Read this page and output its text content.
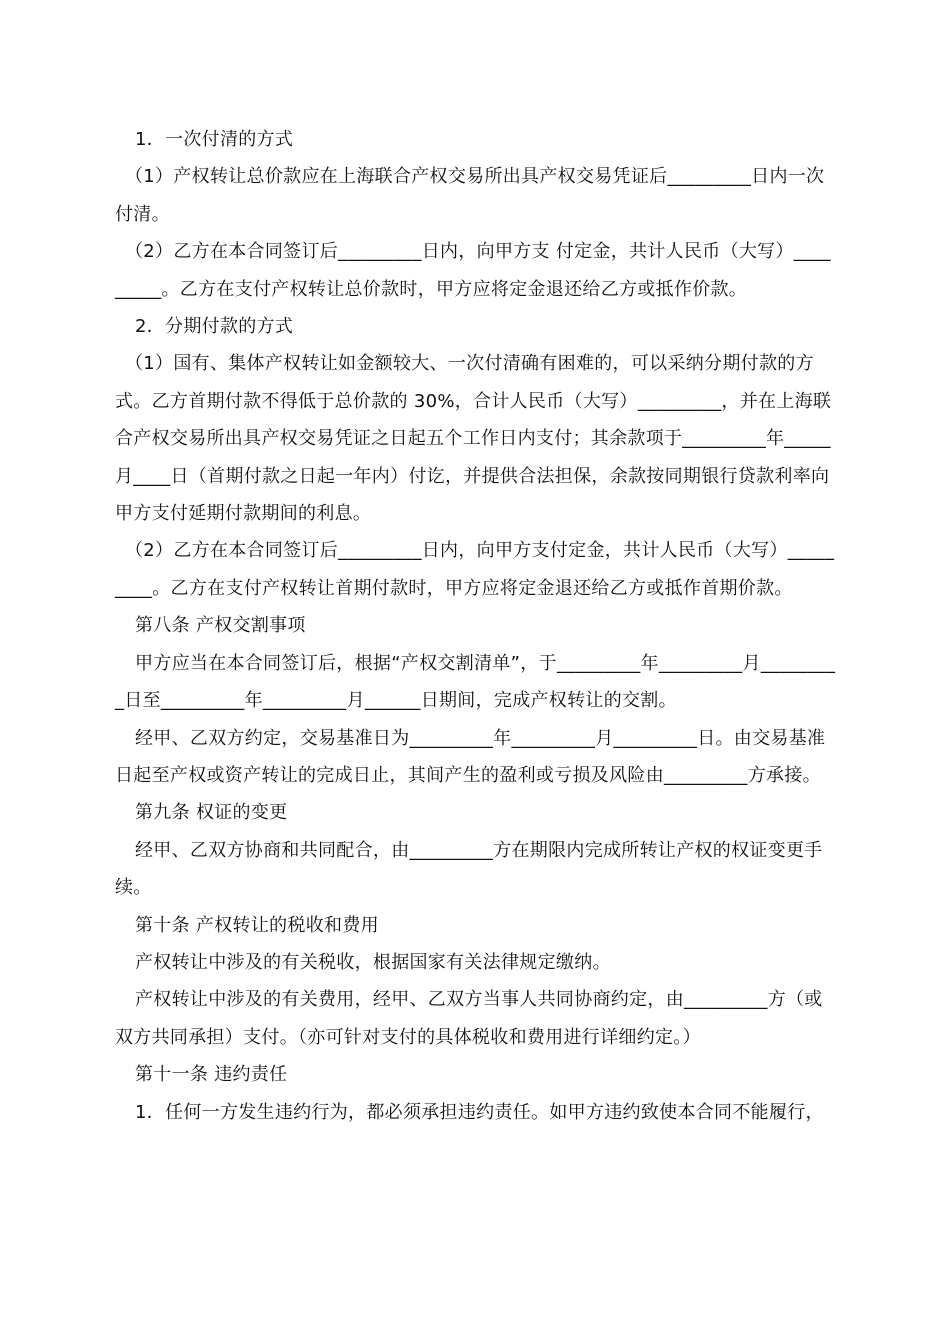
1．一次付清的方式

（1）产权转让总价款应在上海联合产权交易所出具产权交易凭证后_________日内一次付清。

（2）乙方在本合同签订后_________日内，向甲方支 付定金，共计人民币（大写）_________。乙方在支付产权转让总价款时，甲方应将定金退还给乙方或抵作价款。

2．分期付款的方式

（1）国有、集体产权转让如金额较大、一次付清确有困难的，可以采纳分期付款的方式。乙方首期付款不得低于总价款的 30%，合计人民币（大写）_________，并在上海联合产权交易所出具产权交易凭证之日起五个工作日内支付；其余款项于_________年_____月____日（首期付款之日起一年内）付讫，并提供合法担保，余款按同期银行贷款利率向甲方支付延期付款期间的利息。

（2）乙方在本合同签订后_________日内，向甲方支付定金，共计人民币（大写）_________。乙方在支付产权转让首期付款时，甲方应将定金退还给乙方或抵作首期价款。

第八条 产权交割事项

甲方应当在本合同签订后，根据“产权交割清单”，于_________年_________月_________日至_________年_________月______日期间，完成产权转让的交割。

经甲、乙双方约定，交易基准日为_________年_________月_________日。由交易基准日起至产权或资产转让的完成日止，其间产生的盈利或亏损及风险由_________方承接。

第九条 权证的变更

经甲、乙双方协商和共同配合，由_________方在期限内完成所转让产权的权证变更手续。

第十条 产权转让的税收和费用

产权转让中涉及的有关税收，根据国家有关法律规定缴纳。

产权转让中涉及的有关费用，经甲、乙双方当事人共同协商约定，由_________方（或双方共同承担）支付。（亦可针对支付的具体税收和费用进行详细约定。）

第十一条 违约责任

1．任何一方发生违约行为，都必须承担违约责任。如甲方违约致使本合同不能履行，
